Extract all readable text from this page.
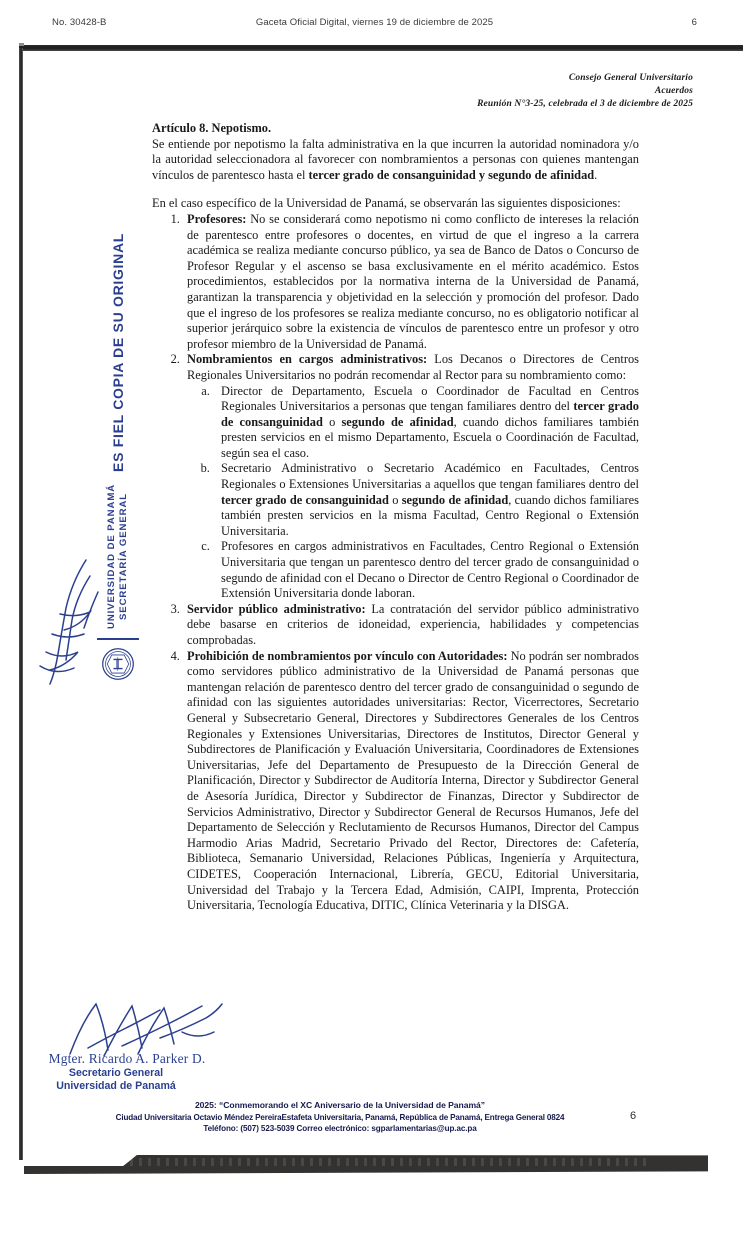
No. 30428-B	Gaceta Oficial Digital, viernes 19 de diciembre de 2025	6
Consejo General Universitario
Acuerdos
Reunión N°3-25, celebrada el 3 de diciembre de 2025

Artículo 8. Nepotismo.

Se entiende por nepotismo la falta administrativa en la que incurren la autoridad nominadora y/o la autoridad seleccionadora al favorecer con nombramientos a personas con quienes mantengan vínculos de parentesco hasta el tercer grado de consanguinidad y segundo de afinidad.

En el caso específico de la Universidad de Panamá, se observarán las siguientes disposiciones:

1. Profesores: No se considerará como nepotismo ni como conflicto de intereses la relación de parentesco entre profesores o docentes, en virtud de que el ingreso a la carrera académica se realiza mediante concurso público, ya sea de Banco de Datos o Concurso de Profesor Regular y el ascenso se basa exclusivamente en el mérito académico. Estos procedimientos, establecidos por la normativa interna de la Universidad de Panamá, garantizan la transparencia y objetividad en la selección y promoción del profesor. Dado que el ingreso de los profesores se realiza mediante concurso, no es obligatorio notificar al superior jerárquico sobre la existencia de vínculos de parentesco entre un profesor y otro profesor miembro de la Universidad de Panamá.
2. Nombramientos en cargos administrativos: Los Decanos o Directores de Centros Regionales Universitarios no podrán recomendar al Rector para su nombramiento como:
a. Director de Departamento, Escuela o Coordinador de Facultad en Centros Regionales Universitarios a personas que tengan familiares dentro del tercer grado de consanguinidad o segundo de afinidad, cuando dichos familiares también presten servicios en el mismo Departamento, Escuela o Coordinación de Facultad, según sea el caso.
b. Secretario Administrativo o Secretario Académico en Facultades, Centros Regionales o Extensiones Universitarias a aquellos que tengan familiares dentro del tercer grado de consanguinidad o segundo de afinidad, cuando dichos familiares también presten servicios en la misma Facultad, Centro Regional o Extensión Universitaria.
c. Profesores en cargos administrativos en Facultades, Centro Regional o Extensión Universitaria que tengan un parentesco dentro del tercer grado de consanguinidad o segundo de afinidad con el Decano o Director de Centro Regional o Coordinador de Extensión Universitaria donde laboran.
3. Servidor público administrativo: La contratación del servidor público administrativo debe basarse en criterios de idoneidad, experiencia, habilidades y competencias comprobadas.
4. Prohibición de nombramientos por vínculo con Autoridades: No podrán ser nombrados como servidores público administrativo de la Universidad de Panamá personas que mantengan relación de parentesco dentro del tercer grado de consanguinidad o segundo de afinidad con las siguientes autoridades universitarias: Rector, Vicerrectores, Secretario General y Subsecretario General, Directores y Subdirectores Generales de los Centros Regionales y Extensiones Universitarias, Directores de Institutos, Director General y Subdirectores de Planificación y Evaluación Universitaria, Coordinadores de Extensiones Universitarias, Jefe del Departamento de Presupuesto de la Dirección General de Planificación, Director y Subdirector de Auditoría Interna, Director y Subdirector General de Asesoría Jurídica, Director y Subdirector de Finanzas, Director y Subdirector de Servicios Administrativo, Director y Subdirector General de Recursos Humanos, Jefe del Departamento de Selección y Reclutamiento de Recursos Humanos, Director del Campus Harmodio Arias Madrid, Secretario Privado del Rector, Directores de: Cafetería, Biblioteca, Semanario Universidad, Relaciones Públicas, Ingeniería y Arquitectura, CIDETES, Cooperación Internacional, Librería, GECU, Editorial Universitaria, Universidad del Trabajo y la Tercera Edad, Admisión, CAIPI, Imprenta, Protección Universitaria, Tecnología Educativa, DITIC, Clínica Veterinaria y la DISGA.
UNIVERSIDAD DE PANAMÁ SECRETARÍA GENERAL
ES FIEL COPIA DE SU ORIGINAL
Mgter. Ricardo A. Parker D.
Secretario General
Universidad de Panamá
2025: “Conmemorando el XC Aniversario de la Universidad de Panamá”
Ciudad Universitaria Octavio Méndez PereiraEstafeta Universitaria, Panamá, República de Panamá, Entrega General 0824
Teléfono: (507) 523-5039 Correo electrónico: sgparlamentarias@up.ac.pa
6
